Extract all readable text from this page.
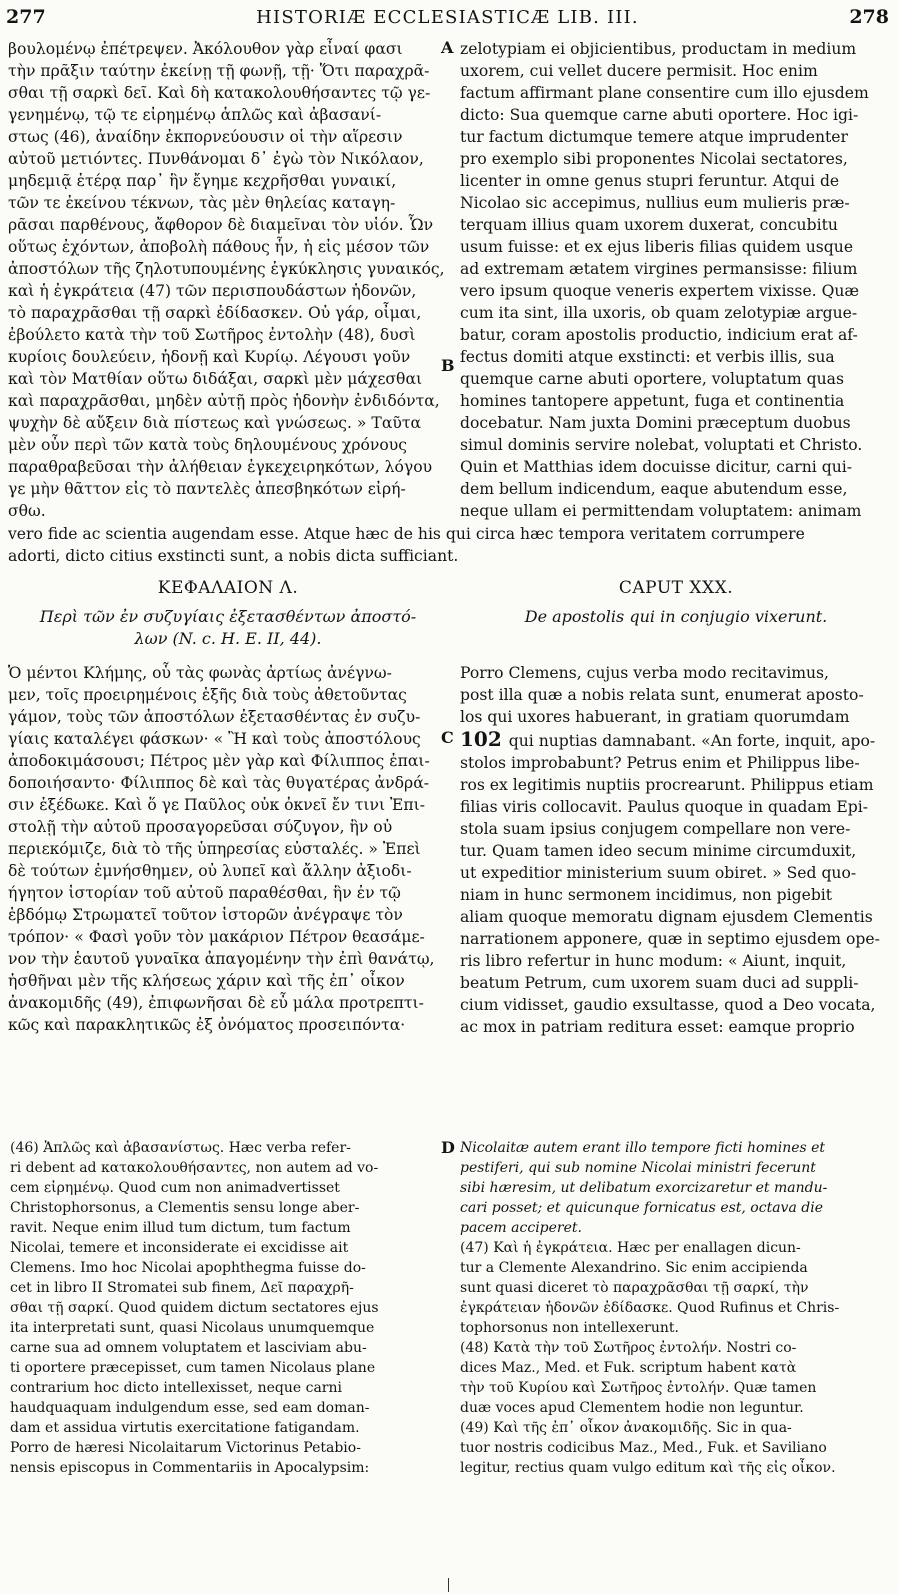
277	HISTORIÆ ECCLESIASTICÆ LIB. III.	278
βουλομένῳ ἐπέτρεψεν. Ἀκόλουθον γὰρ εἶναί φασι
τὴν πρᾶξιν ταύτην ἐκείνῃ τῇ φωνῇ, τῇ· Ὅτι παραχρᾶ-
σθαι τῇ σαρκὶ δεῖ. Καὶ δὴ κατακολουθήσαντες τῷ γε-
γενημένῳ, τῷ τε εἰρημένῳ ἁπλῶς καὶ ἀβασανί-
στως (46), ἀναίδην ἐκπορνεύουσιν οἱ τὴν αἵρεσιν
αὐτοῦ μετιόντες. Πυνθάνομαι δ᾽ ἐγὼ τὸν Νικόλαον,
μηδεμιᾷ ἑτέρᾳ παρ᾽ ἣν ἔγημε κεχρῆσθαι γυναικί,
τῶν τε ἐκείνου τέκνων, τὰς μὲν θηλείας καταγη-
ρᾶσαι παρθένους, ἄφθορον δὲ διαμεῖναι τὸν υἱόν. Ὧν
οὕτως ἐχόντων, ἀποβολὴ πάθους ἦν, ἡ εἰς μέσον τῶν
ἀποστόλων τῆς ζηλοτυπουμένης ἐγκύκλησις γυναικός,
καὶ ἡ ἐγκράτεια (47) τῶν περισπουδάστων ἡδονῶν,
τὸ παραχρᾶσθαι τῇ σαρκὶ ἐδίδασκεν. Οὐ γάρ, οἶμαι,
ἐβούλετο κατὰ τὴν τοῦ Σωτῆρος ἐντολὴν (48), δυσὶ
κυρίοις δουλεύειν, ἡδονῇ καὶ Κυρίῳ. Λέγουσι γοῦν
καὶ τὸν Ματθίαν οὕτω διδάξαι, σαρκὶ μὲν μάχεσθαι
καὶ παραχρᾶσθαι, μηδὲν αὐτῇ πρὸς ἡδονὴν ἐνδιδόντα,
ψυχὴν δὲ αὔξειν διὰ πίστεως καὶ γνώσεως. » Ταῦτα
μὲν οὖν περὶ τῶν κατὰ τοὺς δηλουμένους χρόνους
παραθραβεῦσαι τὴν ἀλήθειαν ἐγκεχειρηκότων, λόγου
γε μὴν θᾶττον εἰς τὸ παντελὲς ἀπεσβηκότων εἰρή-
σθω.
zelotypiam ei objicientibus, productam in medium
uxorem, cui vellet ducere permisit. Hoc enim
factum affirmant plane consentire cum illo ejusdem
dicto: Sua quemque carne abuti oportere. Hoc igi-
tur factum dictumque temere atque imprudenter
pro exemplo sibi proponentes Nicolai sectatores,
licenter in omne genus stupri feruntur. Atqui de
Nicolao sic accepimus, nullius eum mulieris præ-
terquam illius quam uxorem duxerat, concubitu
usum fuisse: et ex ejus liberis filias quidem usque
ad extremam ætatem virgines permansisse: filium
vero ipsum quoque veneris expertem vixisse. Quæ
cum ita sint, illa uxoris, ob quam zelotypiæ argue-
batur, coram apostolis productio, indicium erat af-
fectus domiti atque exstincti: et verbis illis, sua
quemque carne abuti oportere, voluptatum quas
homines tantopere appetunt, fuga et continentia
docebatur. Nam juxta Domini præceptum duobus
simul dominis servire nolebat, voluptati et Christo.
Quin et Matthias idem docuisse dicitur, carni qui-
dem bellum indicendum, eaque abutendum esse,
neque ullam ei permittendam voluptatem: animam
A
B
vero fide ac scientia augendam esse. Atque hæc de his qui circa hæc tempora veritatem corrumpere
adorti, dicto citius exstincti sunt, a nobis dicta sufficiant.
ΚΕΦΑΛΑΙΟΝ Λ.
Περὶ τῶν ἐν συζυγίαις ἐξετασθέντων ἀποστό-
λων (N. c. H. E. II, 44).
CAPUT XXX.
De apostolis qui in conjugio vixerunt.
Ὁ μέντοι Κλήμης, οὗ τὰς φωνὰς ἀρτίως ἀνέγνω-
μεν, τοῖς προειρημένοις ἑξῆς διὰ τοὺς ἀθετοῦντας
γάμον, τοὺς τῶν ἀποστόλων ἐξετασθέντας ἐν συζυ-
γίαις καταλέγει φάσκων· « Ἢ καὶ τοὺς ἀποστόλους
ἀποδοκιμάσουσι; Πέτρος μὲν γὰρ καὶ Φίλιππος ἐπαι-
δοποιήσαντο· Φίλιππος δὲ καὶ τὰς θυγατέρας ἀνδρά-
σιν ἐξέδωκε. Καὶ ὅ γε Παῦλος οὐκ ὀκνεῖ ἔν τινι Ἐπι-
στολῇ τὴν αὐτοῦ προσαγορεῦσαι σύζυγον, ἣν οὐ
περιεκόμιζε, διὰ τὸ τῆς ὑπηρεσίας εὐσταλές. » Ἐπεὶ
δὲ τούτων ἐμνήσθημεν, οὐ λυπεῖ καὶ ἄλλην ἀξιοδι-
ήγητον ἱστορίαν τοῦ αὐτοῦ παραθέσθαι, ἣν ἐν τῷ
ἑβδόμῳ Στρωματεῖ τοῦτον ἱστορῶν ἀνέγραψε τὸν
τρόπον· « Φασὶ γοῦν τὸν μακάριον Πέτρον θεασάμε-
νον τὴν ἑαυτοῦ γυναῖκα ἀπαγομένην τὴν ἐπὶ θανάτῳ,
ἡσθῆναι μὲν τῆς κλήσεως χάριν καὶ τῆς ἐπ᾽ οἶκον
ἀνακομιδῆς (49), ἐπιφωνῆσαι δὲ εὖ μάλα προτρεπτι-
κῶς καὶ παρακλητικῶς ἐξ ὀνόματος προσειπόντα·
Porro Clemens, cujus verba modo recitavimus,
post illa quæ a nobis relata sunt, enumerat aposto-
los qui uxores habuerant, in gratiam quorumdam
102 qui nuptias damnabant. «An forte, inquit, apo-
stolos improbabunt? Petrus enim et Philippus libe-
ros ex legitimis nuptiis procrearunt. Philippus etiam
filias viris collocavit. Paulus quoque in quadam Epi-
stola suam ipsius conjugem compellare non vere-
tur. Quam tamen ideo secum minime circumduxit,
ut expeditior ministerium suum obiret. » Sed quo-
niam in hunc sermonem incidimus, non pigebit
aliam quoque memoratu dignam ejusdem Clementis
narrationem apponere, quæ in septimo ejusdem ope-
ris libro refertur in hunc modum: « Aiunt, inquit,
beatum Petrum, cum uxorem suam duci ad suppli-
cium vidisset, gaudio exsultasse, quod a Deo vocata,
ac mox in patriam reditura esset: eamque proprio
C
D
(46) Ἁπλῶς καὶ ἀβασανίστως. Hæc verba refer-
ri debent ad κατακολουθήσαντες, non autem ad vo-
cem εἰρημένῳ. Quod cum non animadvertisset
Christophorsonus, a Clementis sensu longe aber-
ravit. Neque enim illud tum dictum, tum factum
Nicolai, temere et inconsiderate ei excidisse ait
Clemens. Imo hoc Nicolai apophthegma fuisse do-
cet in libro II Stromatei sub finem, Δεῖ παραχρῆ-
σθαι τῇ σαρκί. Quod quidem dictum sectatores ejus
ita interpretati sunt, quasi Nicolaus unumquemque
carne sua ad omnem voluptatem et lasciviam abu-
ti oportere præcepisset, cum tamen Nicolaus plane
contrarium hoc dicto intellexisset, neque carni
haudquaquam indulgendum esse, sed eam doman-
dam et assidua virtutis exercitatione fatigandam.
Porro de hæresi Nicolaitarum Victorinus Petabio-
nensis episcopus in Commentariis in Apocalypsim:
Nicolaitæ autem erant illo tempore ficti homines et
pestiferi, qui sub nomine Nicolai ministri fecerunt
sibi hæresim, ut delibatum exorcizaretur et mandu-
cari posset; et quicunque fornicatus est, octava die
pacem acciperet.
(47) Καὶ ἡ ἐγκράτεια. Hæc per enallagen dicun-
tur a Clemente Alexandrino. Sic enim accipienda
sunt quasi diceret τὸ παραχρᾶσθαι τῇ σαρκί, τὴν
ἐγκράτειαν ἡδονῶν ἐδίδασκε. Quod Rufinus et Chris-
tophorsonus non intellexerunt.
(48) Κατὰ τὴν τοῦ Σωτῆρος ἐντολήν. Nostri co-
dices Maz., Med. et Fuk. scriptum habent κατὰ
τὴν τοῦ Κυρίου καὶ Σωτῆρος ἐντολήν. Quæ tamen
duæ voces apud Clementem hodie non leguntur.
(49) Καὶ τῆς ἐπ᾽ οἶκον ἀνακομιδῆς. Sic in qua-
tuor nostris codicibus Maz., Med., Fuk. et Saviliano
legitur, rectius quam vulgo editum καὶ τῆς εἰς οἶκον.
